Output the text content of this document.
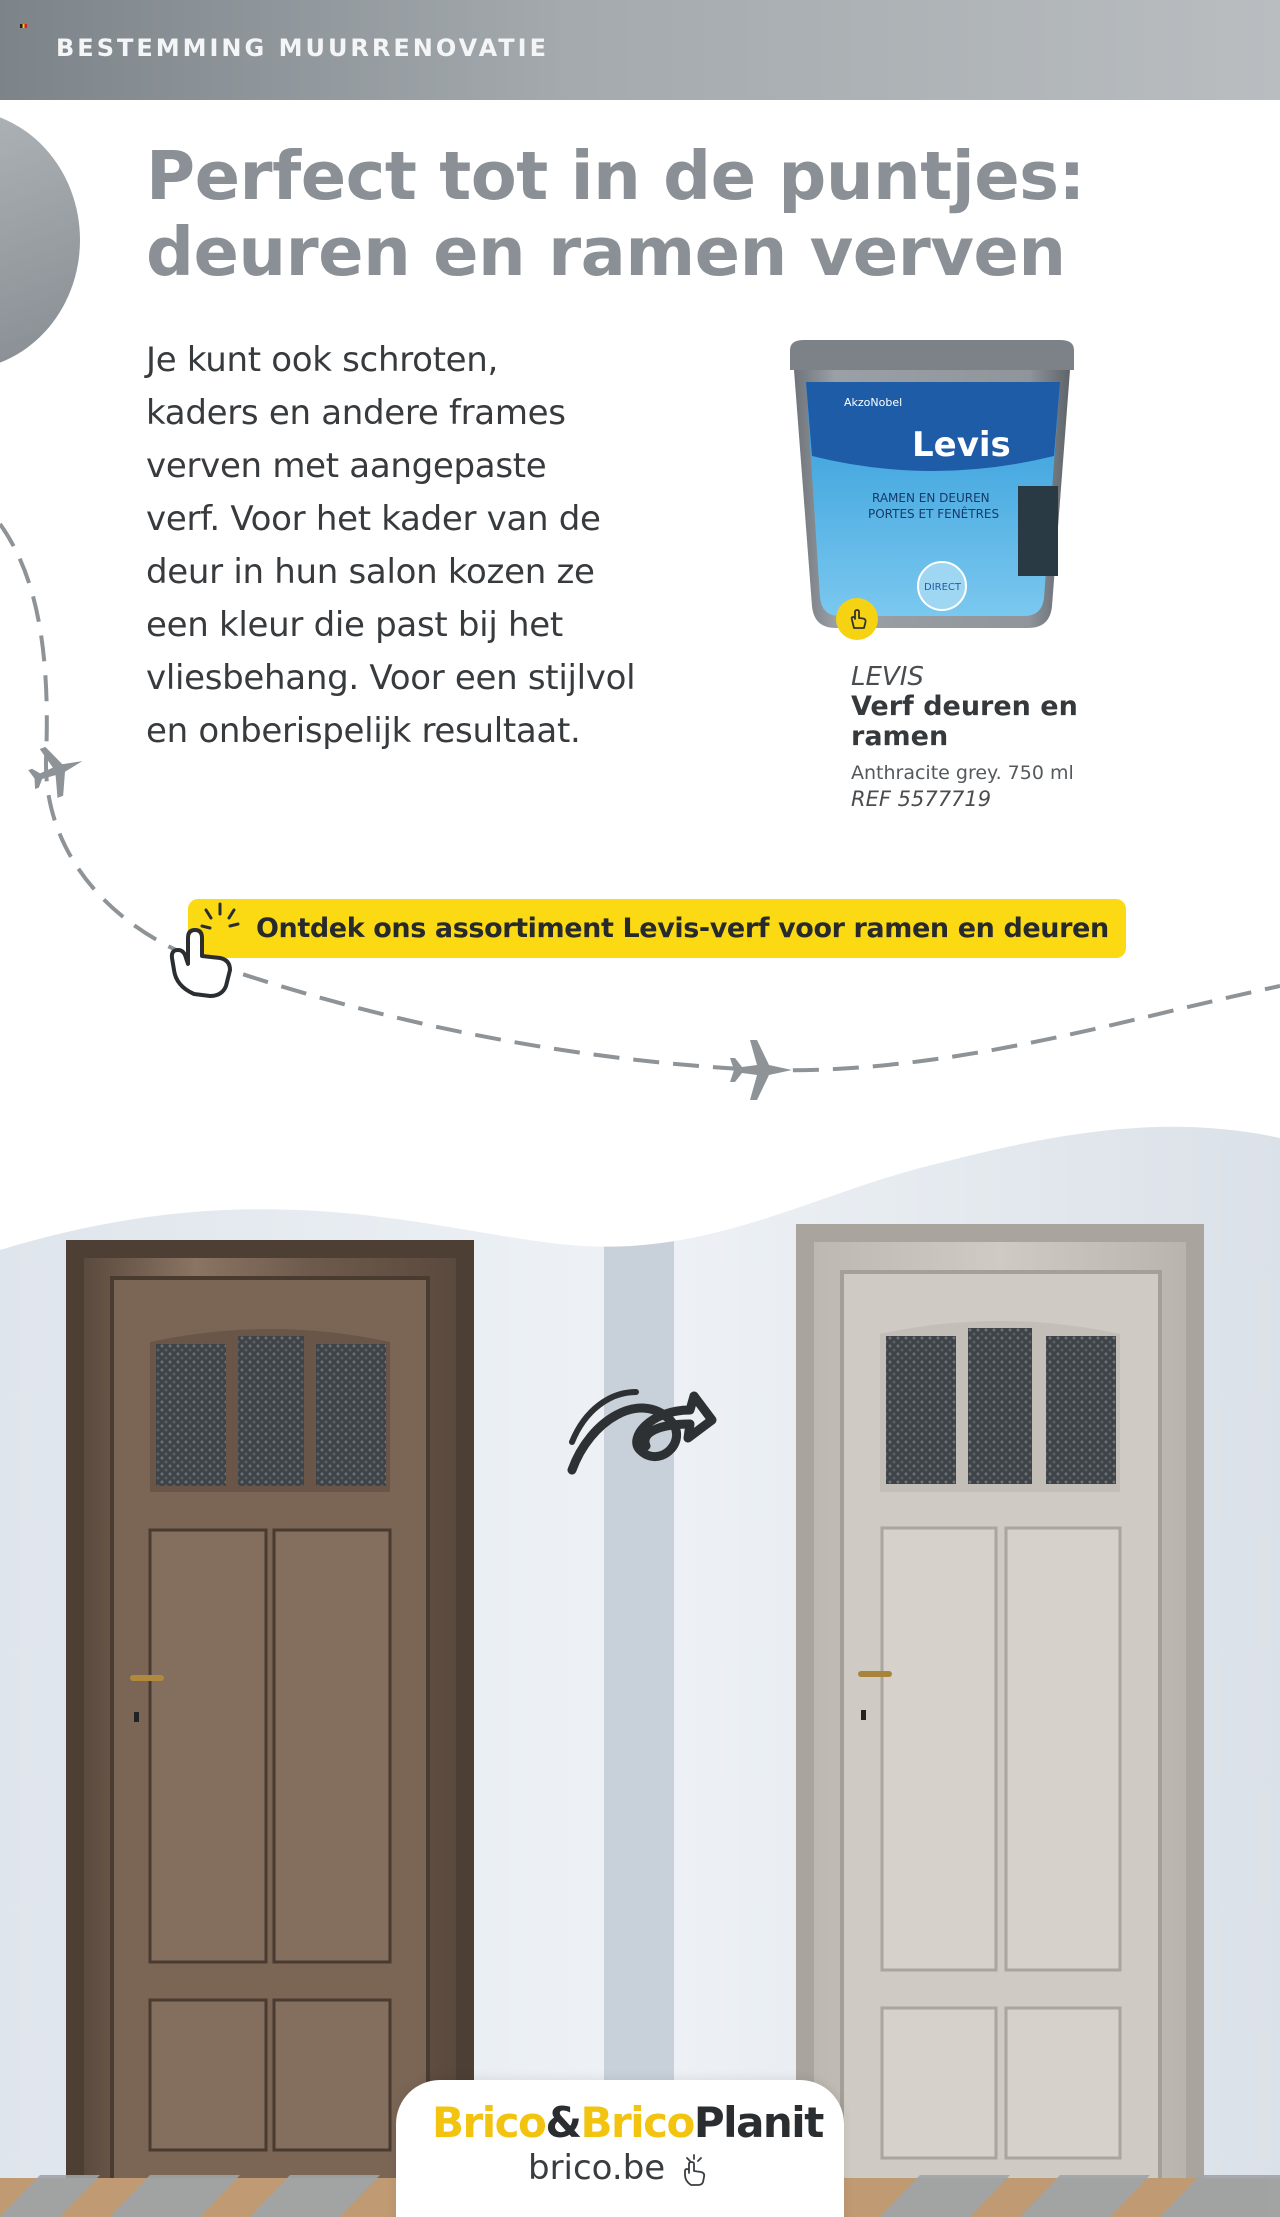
BESTEMMING MUURRENOVATIE
Perfect tot in de puntjes:
deuren en ramen verven
Je kunt ook schroten,
kaders en andere frames
verven met aangepaste
verf. Voor het kader van de
deur in hun salon kozen ze
een kleur die past bij het
vliesbehang. Voor een stijlvol
en onberispelijk resultaat.
AkzoNobel
Levis
RAMEN EN DEUREN
PORTES ET FENÊTRES
DIRECT
LEVIS
Verf deuren en ramen
Anthracite grey. 750 ml
REF 5577719
Ontdek ons assortiment Levis-verf voor ramen en deuren
Brico&BricoPlanit
brico.be
